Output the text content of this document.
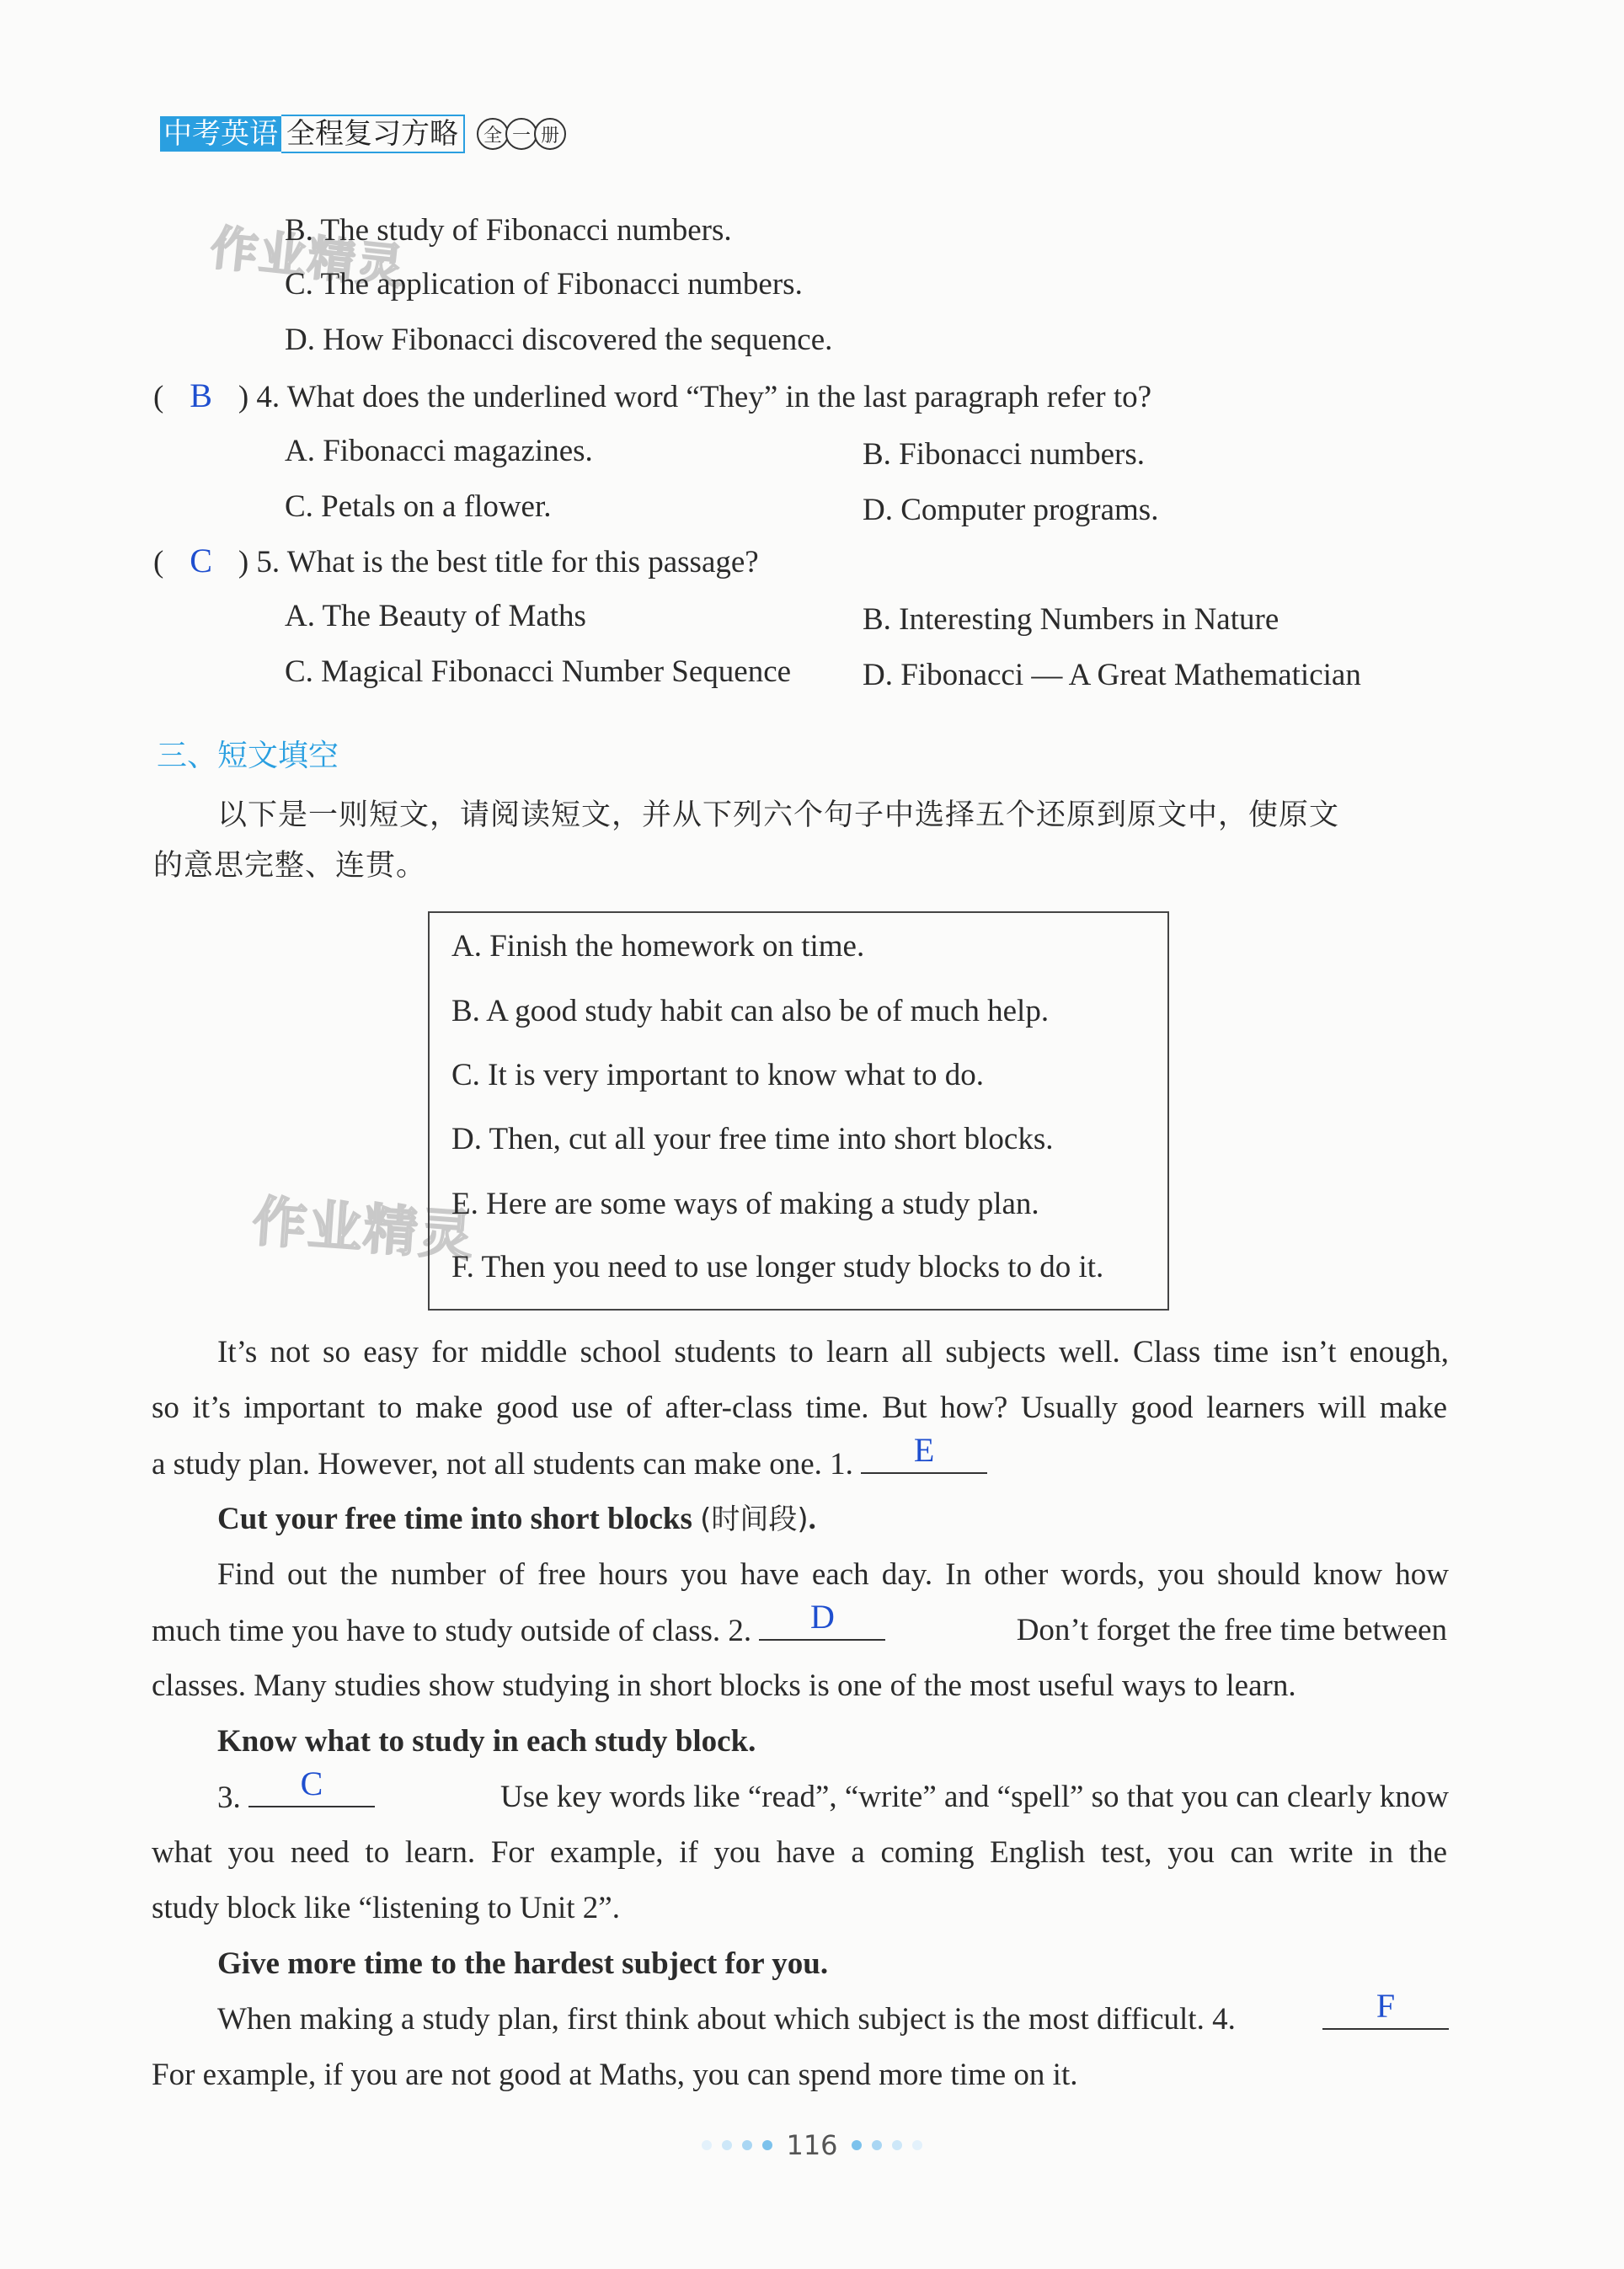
中考英语 全程复习方略	全 一 册
作业精灵
作业精灵
B. The study of Fibonacci numbers.
C. The application of Fibonacci numbers.
D. How Fibonacci discovered the sequence.
( B ) 4. What does the underlined word “They” in the last paragraph refer to?
A. Fibonacci magazines.	B. Fibonacci numbers.
C. Petals on a flower.	D. Computer programs.
( C ) 5. What is the best title for this passage?
A. The Beauty of Maths	B. Interesting Numbers in Nature
C. Magical Fibonacci Number Sequence D. Fibonacci — A Great Mathematician
三、短文填空
以下是一则短文，请阅读短文，并从下列六个句子中选择五个还原到原文中，使原文
的意思完整、连贯。
A. Finish the homework on time.
B. A good study habit can also be of much help.
C. It is very important to know what to do.
D. Then, cut all your free time into short blocks.
E. Here are some ways of making a study plan.
F. Then you need to use longer study blocks to do it.
It’s not so easy for middle school students to learn all subjects well. Class time isn’t enough,
so it’s important to make good use of after-class time. But how? Usually good learners will make
a study plan. However, not all students can make one. 1.	E
Cut your free time into short blocks (时间段).
Find out the number of free hours you have each day. In other words, you should know how
much time you have to study outside of class. 2.	D	Don’t forget the free time between
classes. Many studies show studying in short blocks is one of the most useful ways to learn.
Know what to study in each study block.
3.	C	Use key words like “read”, “write” and “spell” so that you can clearly know
what you need to learn. For example, if you have a coming English test, you can write in the
study block like “listening to Unit 2”.
Give more time to the hardest subject for you.
When making a study plan, first think about which subject is the most difficult. 4.	F
For example, if you are not good at Maths, you can spend more time on it.
116
